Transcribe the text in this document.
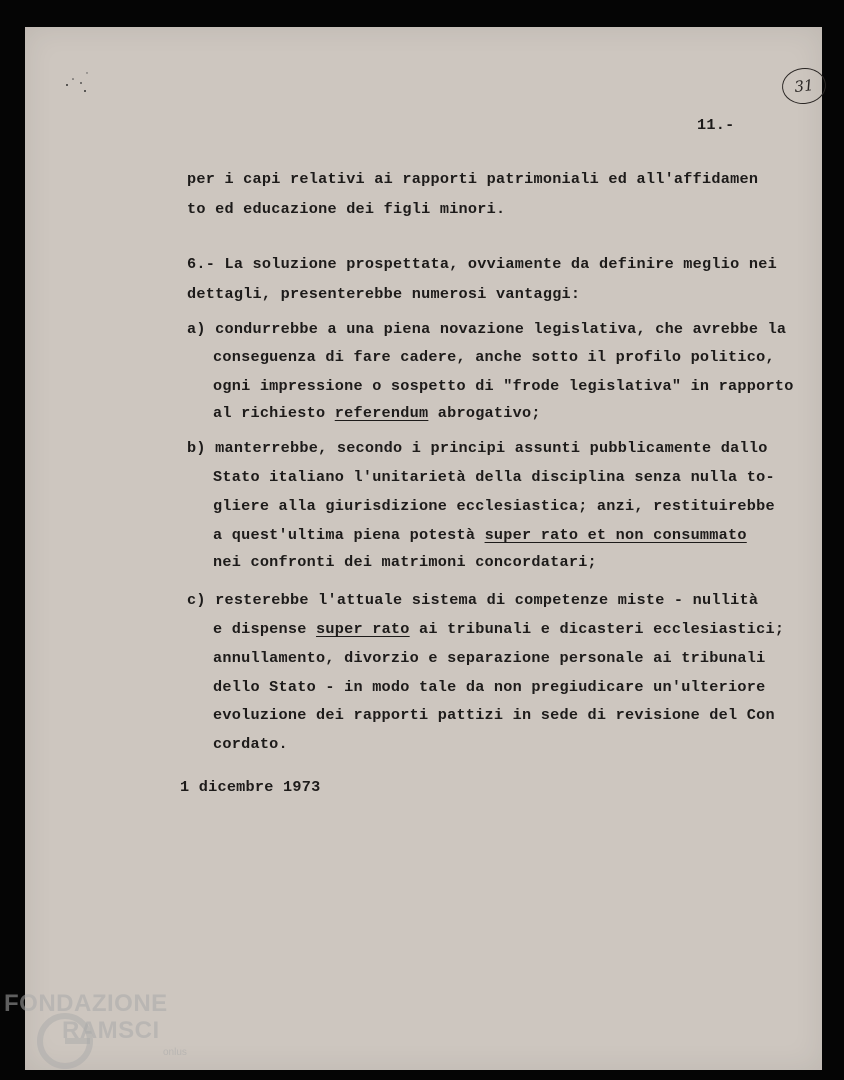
31
11.-
per i capi relativi ai rapporti patrimoniali ed all'affidamen
to ed educazione dei figli minori.
6.- La soluzione prospettata, ovviamente da definire meglio nei
dettagli, presenterebbe numerosi vantaggi:
a) condurrebbe a una piena novazione legislativa, che avrebbe la
conseguenza di fare cadere, anche sotto il profilo politico,
ogni impressione o sospetto di "frode legislativa" in rapporto
al richiesto referendum abrogativo;
b) manterrebbe, secondo i principi assunti pubblicamente dallo
Stato italiano l'unitarietà della disciplina senza nulla to-
gliere alla giurisdizione ecclesiastica; anzi, restituirebbe
a quest'ultima piena potestà super rato et non consummato
nei confronti dei matrimoni concordatari;
c) resterebbe l'attuale sistema di competenze miste - nullità
e dispense super rato ai tribunali e dicasteri ecclesiastici;
annullamento, divorzio e separazione personale ai tribunali
dello Stato - in modo tale da non pregiudicare un'ulteriore
evoluzione dei rapporti pattizi in sede di revisione del Con
cordato.
1 dicembre 1973
FONDAZIONE
RAMSCI
onlus
